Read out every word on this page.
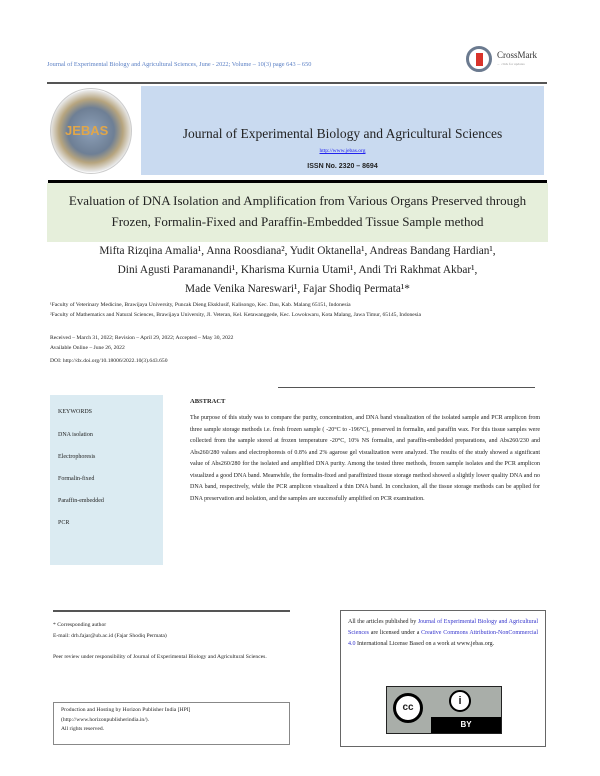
Journal of Experimental Biology and Agricultural Sciences, June - 2022; Volume – 10(3) page 643 – 650
CrossMark
← click for updates
JEBAS	Journal of Experimental Biology and Agricultural Sciences
http://www.jebas.org
ISSN No. 2320 – 8694
Evaluation of DNA Isolation and Amplification from Various Organs Preserved through
Frozen, Formalin-Fixed and Paraffin-Embedded Tissue Sample method
Mifta Rizqina Amalia¹, Anna Roosdiana², Yudit Oktanella¹, Andreas Bandang Hardian¹,
Dini Agusti Paramanandi¹, Kharisma Kurnia Utami¹, Andi Tri Rakhmat Akbar¹,
Made Venika Nareswari¹, Fajar Shodiq Permata¹*
¹Faculty of Veterinary Medicine, Brawijaya University, Puncak Dieng Eksklusif, Kalisongo, Kec. Dau, Kab. Malang 65151, Indonesia
²Faculty of Mathematics and Natural Sciences, Brawijaya University, Jl. Veteran, Kel. Ketawanggede, Kec. Lowokwaru, Kota Malang, Jawa Timur, 65145, Indonesia
Received – March 31, 2022; Revision – April 29, 2022; Accepted – May 30, 2022
Available Online – June 26, 2022
DOI: http://dx.doi.org/10.18006/2022.10(3).643.650
KEYWORDS
DNA isolation
Electrophoresis
Formalin-fixed
Paraffin-embedded
PCR
ABSTRACT

The purpose of this study was to compare the purity, concentration, and DNA band visualization of the isolated sample and PCR amplicon from three sample storage methods i.e. fresh frozen sample ( -20°C to -196°C), preserved in formalin, and paraffin wax. For this tissue samples were collected from the sample stored at frozen temperature -20°C, 10% NS formalin, and paraffin-embedded preparations, and Abs260/230 and Abs260/280 values and electrophoresis of 0.8% and 2% agarose gel visualization were analyzed. The results of the study showed a significant value of Abs260/280 for the isolated and amplified DNA purity. Among the tested three methods, frozen sample isolates and the PCR amplicon visualized a good DNA band. Meanwhile, the formalin-fixed and paraffinized tissue storage method showed a slightly lower quality DNA and no DNA band, respectively, while the PCR amplicon visualized a thin DNA band. In conclusion, all the tissue storage methods can be applied for DNA preservation and isolation, and the samples are successfully amplified on PCR examination.

* Corresponding author
E-mail: drh.fajar@ub.ac.id (Fajar Shodiq Permata)
Peer review under responsibility of Journal of Experimental Biology and Agricultural Sciences.
Production and Hosting by Horizon Publisher India [HPI]
(http://www.horizonpublisherindia.in/).
All rights reserved.
All the articles published by Journal of Experimental Biology and Agricultural Sciences are licensed under a Creative Commons Attribution-NonCommercial 4.0 International License Based on a work at www.jebas.org.
cc
i
BY
